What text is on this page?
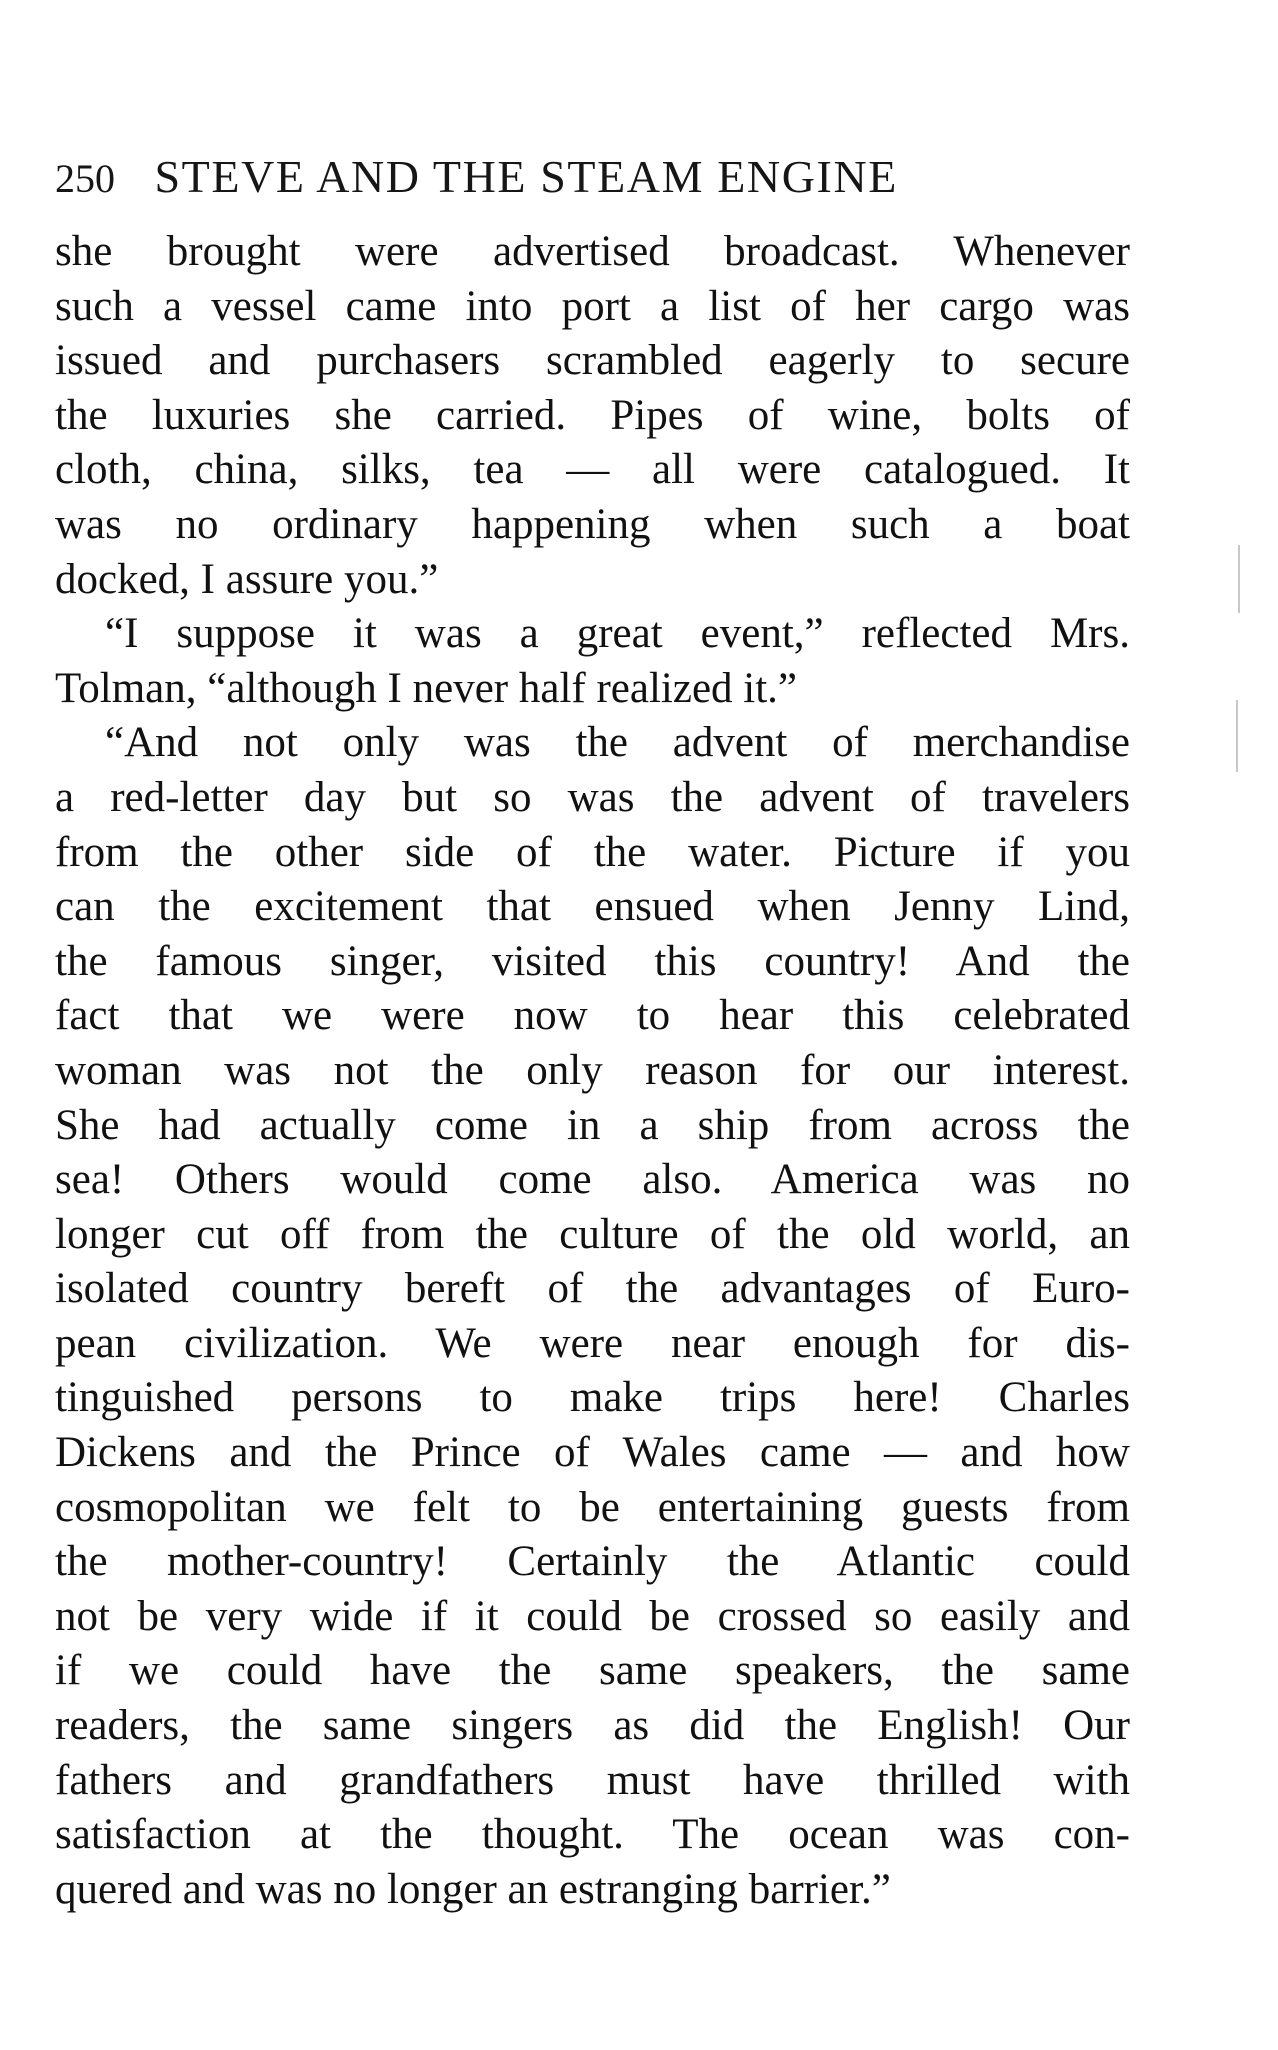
250 STEVE AND THE STEAM ENGINE
she brought were advertised broadcast. Whenever
such a vessel came into port a list of her cargo was
issued and purchasers scrambled eagerly to secure
the luxuries she carried. Pipes of wine, bolts of
cloth, china, silks, tea — all were catalogued. It
was no ordinary happening when such a boat
docked, I assure you.”
“I suppose it was a great event,” reflected Mrs.
Tolman, “although I never half realized it.”
“And not only was the advent of merchandise
a red-letter day but so was the advent of travelers
from the other side of the water. Picture if you
can the excitement that ensued when Jenny Lind,
the famous singer, visited this country! And the
fact that we were now to hear this celebrated
woman was not the only reason for our interest.
She had actually come in a ship from across the
sea! Others would come also. America was no
longer cut off from the culture of the old world, an
isolated country bereft of the advantages of Euro-
pean civilization. We were near enough for dis-
tinguished persons to make trips here! Charles
Dickens and the Prince of Wales came — and how
cosmopolitan we felt to be entertaining guests from
the mother-country! Certainly the Atlantic could
not be very wide if it could be crossed so easily and
if we could have the same speakers, the same
readers, the same singers as did the English! Our
fathers and grandfathers must have thrilled with
satisfaction at the thought. The ocean was con-
quered and was no longer an estranging barrier.”
